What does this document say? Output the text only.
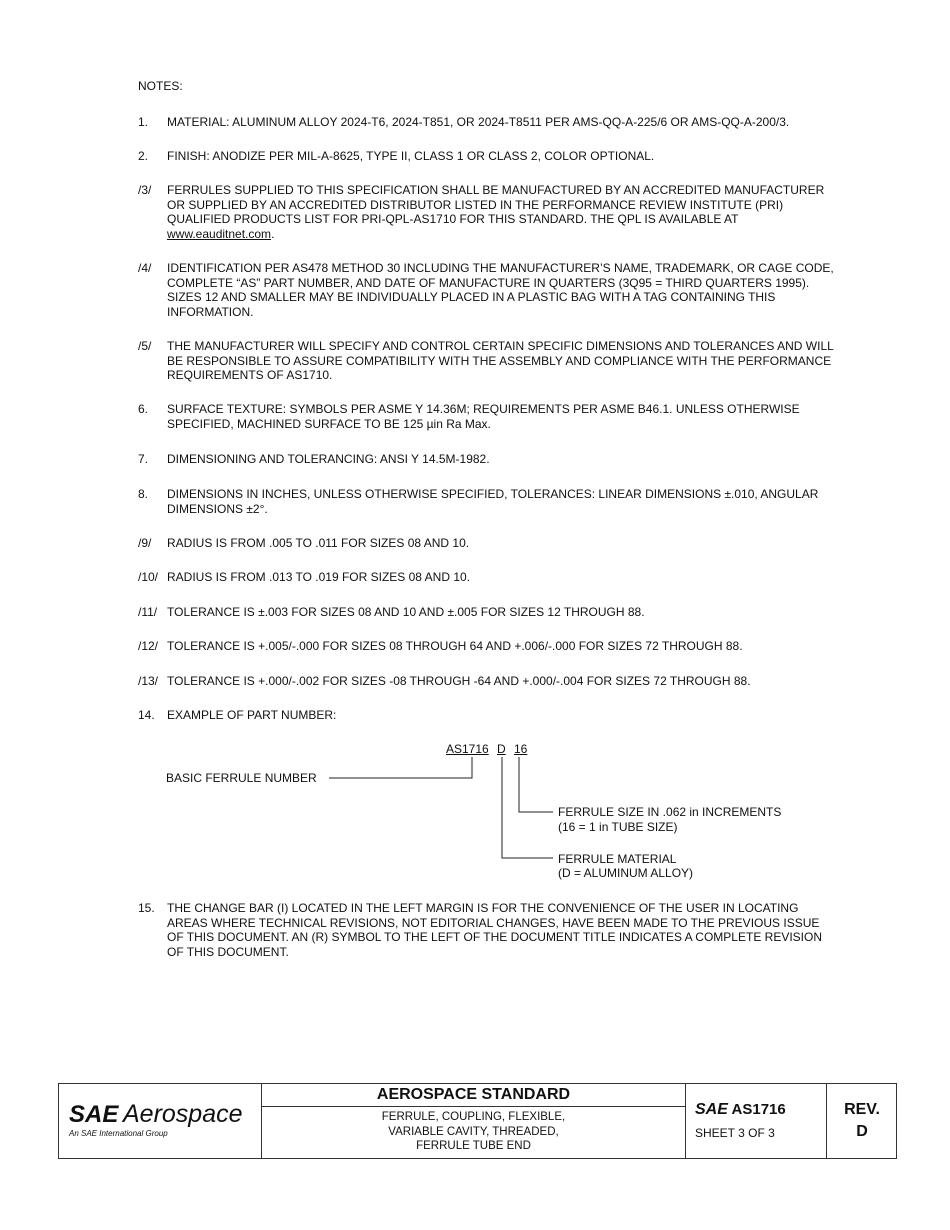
NOTES:
1. MATERIAL: ALUMINUM ALLOY 2024-T6, 2024-T851, OR 2024-T8511 PER AMS-QQ-A-225/6 OR AMS-QQ-A-200/3.
2. FINISH: ANODIZE PER MIL-A-8625, TYPE II, CLASS 1 OR CLASS 2, COLOR OPTIONAL.
/3/ FERRULES SUPPLIED TO THIS SPECIFICATION SHALL BE MANUFACTURED BY AN ACCREDITED MANUFACTURER OR SUPPLIED BY AN ACCREDITED DISTRIBUTOR LISTED IN THE PERFORMANCE REVIEW INSTITUTE (PRI) QUALIFIED PRODUCTS LIST FOR PRI-QPL-AS1710 FOR THIS STANDARD. THE QPL IS AVAILABLE AT www.eauditnet.com.
/4/ IDENTIFICATION PER AS478 METHOD 30 INCLUDING THE MANUFACTURER’S NAME, TRADEMARK, OR CAGE CODE, COMPLETE “AS” PART NUMBER, AND DATE OF MANUFACTURE IN QUARTERS (3Q95 = THIRD QUARTERS 1995). SIZES 12 AND SMALLER MAY BE INDIVIDUALLY PLACED IN A PLASTIC BAG WITH A TAG CONTAINING THIS INFORMATION.
/5/ THE MANUFACTURER WILL SPECIFY AND CONTROL CERTAIN SPECIFIC DIMENSIONS AND TOLERANCES AND WILL BE RESPONSIBLE TO ASSURE COMPATIBILITY WITH THE ASSEMBLY AND COMPLIANCE WITH THE PERFORMANCE REQUIREMENTS OF AS1710.
6. SURFACE TEXTURE: SYMBOLS PER ASME Y 14.36M; REQUIREMENTS PER ASME B46.1. UNLESS OTHERWISE SPECIFIED, MACHINED SURFACE TO BE 125 µin Ra Max.
7. DIMENSIONING AND TOLERANCING: ANSI Y 14.5M-1982.
8. DIMENSIONS IN INCHES, UNLESS OTHERWISE SPECIFIED, TOLERANCES: LINEAR DIMENSIONS ±.010, ANGULAR DIMENSIONS ±2°.
/9/ RADIUS IS FROM .005 TO .011 FOR SIZES 08 AND 10.
/10/ RADIUS IS FROM .013 TO .019 FOR SIZES 08 AND 10.
/11/ TOLERANCE IS ±.003 FOR SIZES 08 AND 10 AND ±.005 FOR SIZES 12 THROUGH 88.
/12/ TOLERANCE IS +.005/-.000 FOR SIZES 08 THROUGH 64 AND +.006/-.000 FOR SIZES 72 THROUGH 88.
/13/ TOLERANCE IS +.000/-.002 FOR SIZES -08 THROUGH -64 AND +.000/-.004 FOR SIZES 72 THROUGH 88.
14. EXAMPLE OF PART NUMBER:
AS1716 D 16
BASIC FERRULE NUMBER
FERRULE SIZE IN .062 in INCREMENTS
(16 = 1 in TUBE SIZE)
FERRULE MATERIAL
(D = ALUMINUM ALLOY)
15. THE CHANGE BAR (I) LOCATED IN THE LEFT MARGIN IS FOR THE CONVENIENCE OF THE USER IN LOCATING AREAS WHERE TECHNICAL REVISIONS, NOT EDITORIAL CHANGES, HAVE BEEN MADE TO THE PREVIOUS ISSUE OF THIS DOCUMENT. AN (R) SYMBOL TO THE LEFT OF THE DOCUMENT TITLE INDICATES A COMPLETE REVISION OF THIS DOCUMENT.
SAE Aerospace
An SAE International Group
AEROSPACE STANDARD
FERRULE, COUPLING, FLEXIBLE,
VARIABLE CAVITY, THREADED,
FERRULE TUBE END
SAE AS1716
SHEET 3 OF 3
REV.
D
